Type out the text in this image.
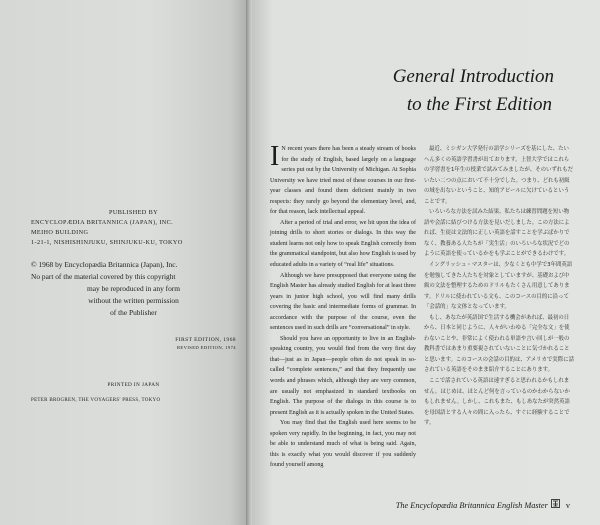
PUBLISHED BY
ENCYCLOPÆDIA BRITANNICA (JAPAN), INC.
MEIHO BUILDING
1-21-1, NISHISHINJUKU, SHINJUKU-KU, TOKYO
© 1968 by Encyclopædia Britannica (Japan), Inc.
No part of the material covered by this copyright
may be reproduced in any form
without the written permission
of the Publisher
FIRST EDITION, 1968
REVISED EDITION, 1974
PRINTED IN JAPAN
PETER BROGREN, THE VOYAGERS' PRESS, TOKYO
General Introduction

to the First Edition

I N recent years there has been a steady stream of books for the study of English, based largely on a language series put out by the University of Michigan. At Sophia University we have tried most of these courses in our first-year classes and found them deficient mainly in two respects: they rarely go beyond the elementary level, and, for that reason, lack intellectual appeal.

After a period of trial and error, we hit upon the idea of joining drills to short stories or dialogs. In this way the student learns not only how to speak English correctly from the grammatical standpoint, but also how English is used by educated adults in a variety of “real life” situations.

Although we have presupposed that everyone using the English Master has already studied English for at least three years in junior high school, you will find many drills covering the basic and intermediate forms of grammar. In accordance with the purpose of the course, even the sentences used in such drills are “conversational” in style.

Should you have an opportunity to live in an English-speaking country, you would find from the very first day that—just as in Japan—people often do not speak in so-called “complete sentences,” and that they frequently use words and phrases which, although they are very common, are usually not emphasized in standard textbooks on English. The purpose of the dialogs in this course is to present English as it is actually spoken in the United States.

You may find that the English used here seems to be spoken very rapidly. In the beginning, in fact, you may not be able to understand much of what is being said. Again, this is exactly what you would discover if you suddenly found yourself among

最近、ミシガン大学発行の語学シリーズを基にした、たいへん多くの英語学習書が出ております。上智大学ではこれらの学習書を1年生の授業で試みてみましたが、そのいずれもだいたい二つの点において不十分でした。つまり、どれも初級の域を出ないということ、知的アピールに欠けているということです。

いろいろな方法を試みた結果、私たちは練習問題を短い物語や会話に結びつける方法を見いだしました。この方法によれば、生徒は文法的に正しい英語を話すことを学ぶばかりでなく、教養ある人たちが「実生活」のいろいろな状況でどのように英語を使っているかをも学ぶことができるわけです。

イングリッシュ・マスターは、少なくとも中学で3年間英語を勉強してきた人たちを対象としていますが、基礎および中級の文法を整理するためのドリルもたくさん用意してあります。ドリルに使われている文も、このコースの目的に沿って「会話的」な文体となっています。

もし、あなたが英語国で生活する機会があれば、最初の日から、日本と同じように、人々がいわゆる「完全な文」を使わないことや、非常によく使われる単語や言い回しが一般の教科書ではあまり重要視されていないことに気づかれることと思います。このコースの会話の目的は、アメリカで実際に話されている英語をそのまま紹介することにあります。

ここで話されている英語は速すぎると思われるかもしれません。はじめは、ほとんど何を言っているのかわからないかもしれません。しかし、これもまた、もしあなたが突然英語を母国語とする人々の間に入ったら、すぐに経験することです。

The Encyclopædia Britannica English Master v
